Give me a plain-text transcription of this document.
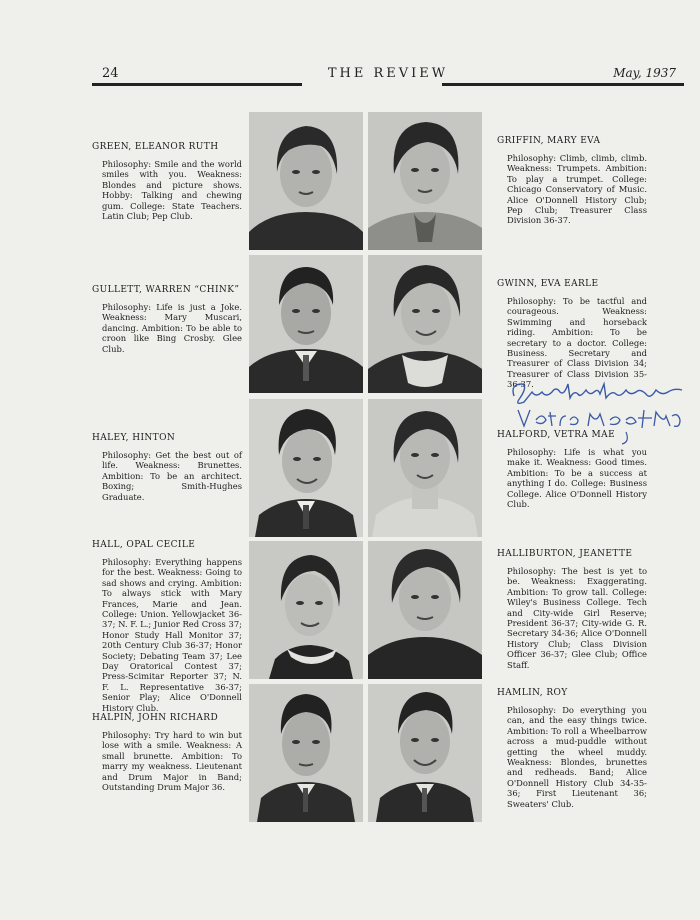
24	THE REVIEW	May, 1937
GREEN, ELEANOR RUTH
Philosophy: Smile and the world smiles with you. Weakness: Blondes and picture shows. Hobby: Talking and chewing gum. College: State Teachers. Latin Club; Pep Club.
GULLETT, WARREN “CHINK”
Philosophy: Life is just a Joke. Weakness: Mary Muscari, dancing. Ambition: To be able to croon like Bing Crosby. Glee Club.
HALEY, HINTON
Philosophy: Get the best out of life. Weakness: Brunettes. Ambition: To be an architect. Boxing; Smith-Hughes Graduate.
HALL, OPAL CECILE
Philosophy: Everything happens for the best. Weakness: Going to sad shows and crying. Ambition: To always stick with Mary Frances, Marie and Jean. College: Union. Yellowjacket 36-37; N. F. L.; Junior Red Cross 37; Honor Study Hall Monitor 37; 20th Century Club 36-37; Honor Society; Debating Team 37; Lee Day Oratorical Contest 37; Press-Scimitar Reporter 37; N. F. L. Representative 36-37; Senior Play; Alice O'Donnell History Club.
HALPIN, JOHN RICHARD
Philosophy: Try hard to win but lose with a smile. Weakness: A small brunette. Ambition: To marry my weakness. Lieutenant and Drum Major in Band; Outstanding Drum Major 36.
GRIFFIN, MARY EVA
Philosophy: Climb, climb, climb. Weakness: Trumpets. Ambition: To play a trumpet. College: Chicago Conservatory of Music. Alice O'Donnell History Club; Pep Club; Treasurer Class Division 36-37.
GWINN, EVA EARLE
Philosophy: To be tactful and courageous. Weakness: Swimming and horseback riding. Ambition: To be secretary to a doctor. College: Business. Secretary and Treasurer of Class Division 34; Treasurer of Class Division 35-36-37.
HALFORD, VETRA MAE
Philosophy: Life is what you make it. Weakness: Good times. Ambition: To be a success at anything I do. College: Business College. Alice O'Donnell History Club.
HALLIBURTON, JEANETTE
Philosophy: The best is yet to be. Weakness: Exaggerating. Ambition: To grow tall. College: Wiley's Business College. Tech and City-wide Girl Reserve; President 36-37; City-wide G. R. Secretary 34-36; Alice O'Donnell History Club; Class Division Officer 36-37; Glee Club; Office Staff.
HAMLIN, ROY
Philosophy: Do everything you can, and the easy things twice. Ambition: To roll a Wheelbarrow across a mud-puddle without getting the wheel muddy. Weakness: Blondes, brunettes and redheads. Band; Alice O'Donnell History Club 34-35-36; First Lieutenant 36; Sweaters' Club.
